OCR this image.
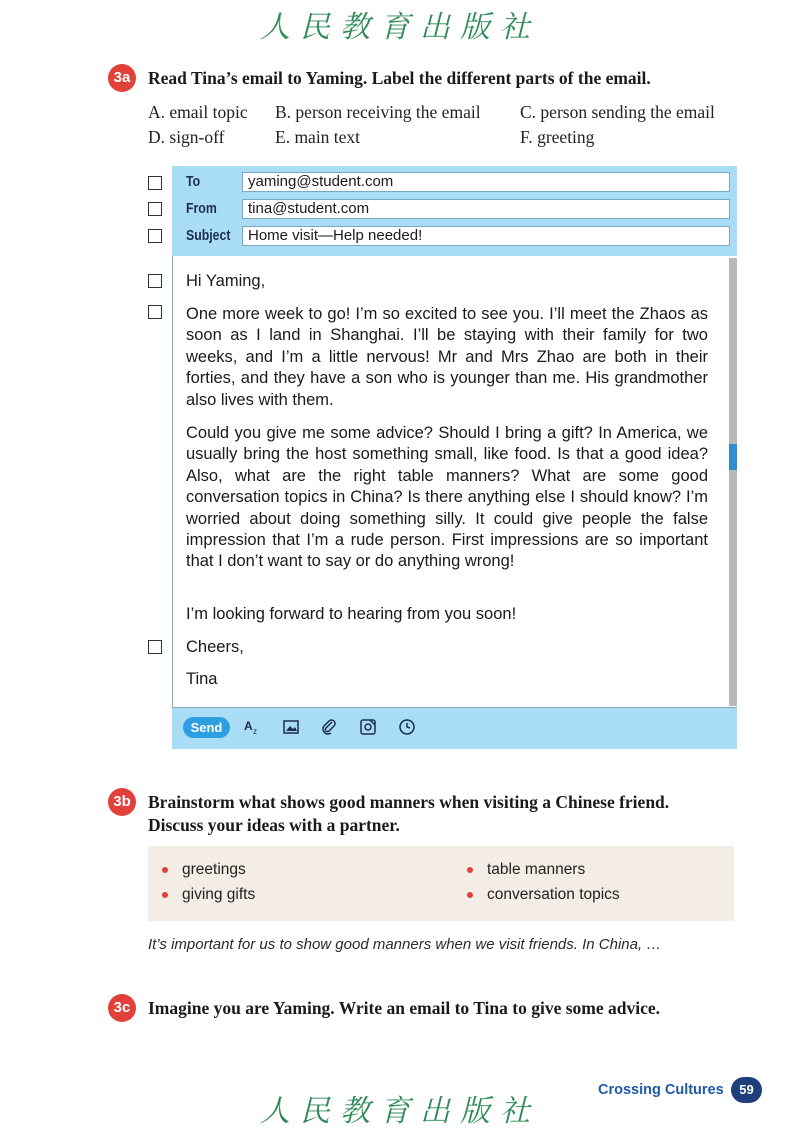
人民教育出版社
3a	Read Tina’s email to Yaming. Label the different parts of the email.
A. email topic B. person receiving the email C. person sending the email
D. sign-off	E. main text	F. greeting
To	yaming@student.com
From	tina@student.com
Subject	Home visit—Help needed!
Hi Yaming,
One more week to go! I’m so excited to see you. I’ll meet the Zhaos as soon as I land in Shanghai. I’ll be staying with their family for two weeks, and I’m a little nervous! Mr and Mrs Zhao are both in their forties, and they have a son who is younger than me. His grandmother also lives with them.
Could you give me some advice? Should I bring a gift? In America, we usually bring the host something small, like food. Is that a good idea? Also, what are the right table manners? What are some good conversation topics in China? Is there anything else I should know? I’m worried about doing something silly. It could give people the false impression that I’m a rude person. First impressions are so important that I don’t want to say or do anything wrong!
I’m looking forward to hearing from you soon!
Cheers,
Tina
Send	A z
3b Brainstorm what shows good manners when visiting a Chinese friend.
Discuss your ideas with a partner.
greetings
giving gifts
table manners
conversation topics
It’s important for us to show good manners when we visit friends. In China, …
3c	Imagine you are Yaming. Write an email to Tina to give some advice.
Crossing Cultures	59
人民教育出版社
